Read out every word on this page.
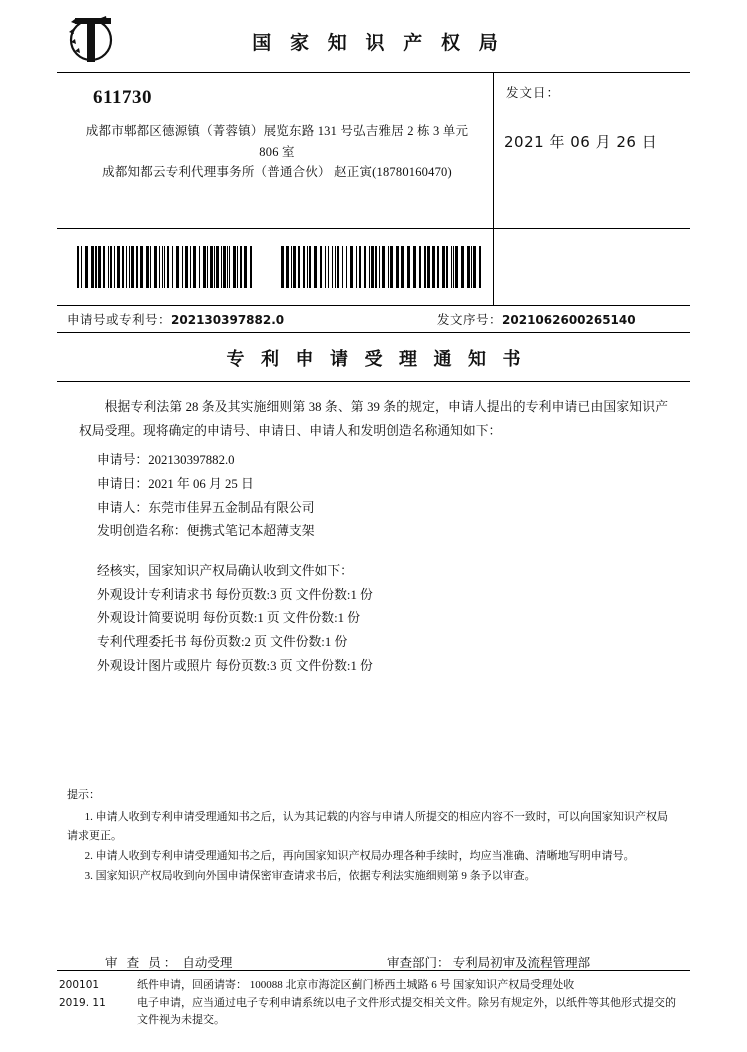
国 家 知 识 产 权 局
611730
成都市郫都区德源镇（菁蓉镇）展览东路 131 号弘吉雅居 2 栋 3 单元
806 室
成都知都云专利代理事务所（普通合伙） 赵正寅(18780160470)
发文日：
2021 年 06 月 26 日
申请号或专利号：202130397882.0	发文序号：2021062600265140
专 利 申 请 受 理 通 知 书

根据专利法第 28 条及其实施细则第 38 条、第 39 条的规定，申请人提出的专利申请已由国家知识产权局受理。现将确定的申请号、申请日、申请人和发明创造名称通知如下：

申请号：202130397882.0
申请日：2021 年 06 月 25 日
申请人：东莞市佳昇五金制品有限公司
发明创造名称：便携式笔记本超薄支架
经核实，国家知识产权局确认收到文件如下：
外观设计专利请求书 每份页数:3 页 文件份数:1 份
外观设计简要说明 每份页数:1 页 文件份数:1 份
专利代理委托书 每份页数:2 页 文件份数:1 份
外观设计图片或照片 每份页数:3 页 文件份数:1 份
提示：
1. 申请人收到专利申请受理通知书之后，认为其记载的内容与申请人所提交的相应内容不一致时，可以向国家知识产权局请求更正。
2. 申请人收到专利申请受理通知书之后，再向国家知识产权局办理各种手续时，均应当准确、清晰地写明申请号。
3. 国家知识产权局收到向外国申请保密审查请求书后，依据专利法实施细则第 9 条予以审查。
审 查 员： 自动受理	审查部门： 专利局初审及流程管理部
200101
2019. 11
纸件申请，回函请寄： 100088 北京市海淀区蓟门桥西土城路 6 号 国家知识产权局受理处收
电子申请，应当通过电子专利申请系统以电子文件形式提交相关文件。除另有规定外，以纸件等其他形式提交的
文件视为未提交。
